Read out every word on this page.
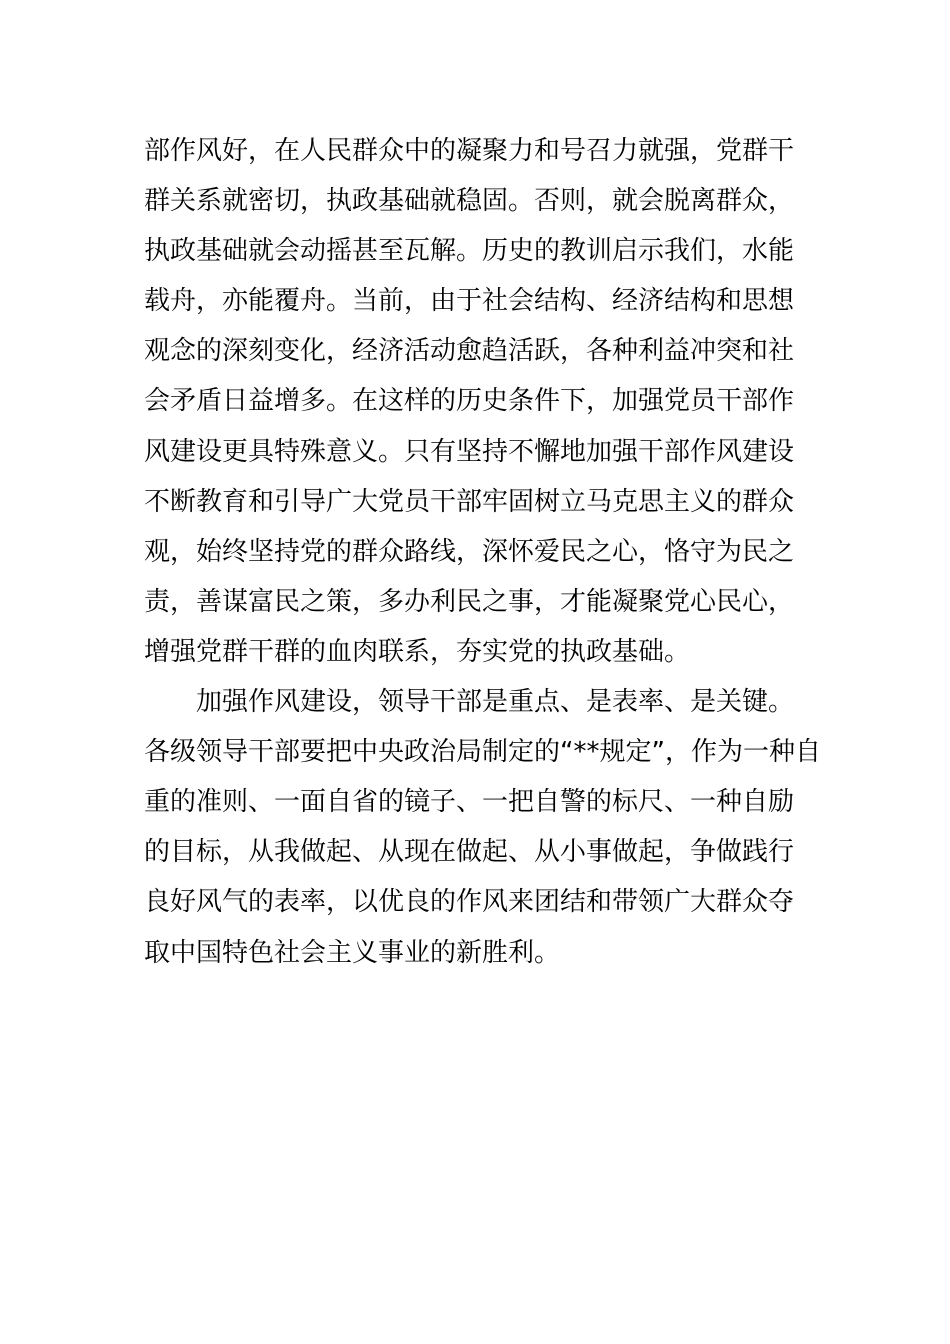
部作风好，在人民群众中的凝聚力和号召力就强，党群干
群关系就密切，执政基础就稳固。否则，就会脱离群众，
执政基础就会动摇甚至瓦解。历史的教训启示我们，水能
载舟，亦能覆舟。当前，由于社会结构、经济结构和思想
观念的深刻变化，经济活动愈趋活跃，各种利益冲突和社
会矛盾日益增多。在这样的历史条件下，加强党员干部作
风建设更具特殊意义。只有坚持不懈地加强干部作风建设
不断教育和引导广大党员干部牢固树立马克思主义的群众
观，始终坚持党的群众路线，深怀爱民之心，恪守为民之
责，善谋富民之策，多办利民之事，才能凝聚党心民心，
增强党群干群的血肉联系，夯实党的执政基础。
加强作风建设，领导干部是重点、是表率、是关键。
各级领导干部要把中央政治局制定的“**规定”，作为一种自
重的准则、一面自省的镜子、一把自警的标尺、一种自励
的目标，从我做起、从现在做起、从小事做起，争做践行
良好风气的表率，以优良的作风来团结和带领广大群众夺
取中国特色社会主义事业的新胜利。
